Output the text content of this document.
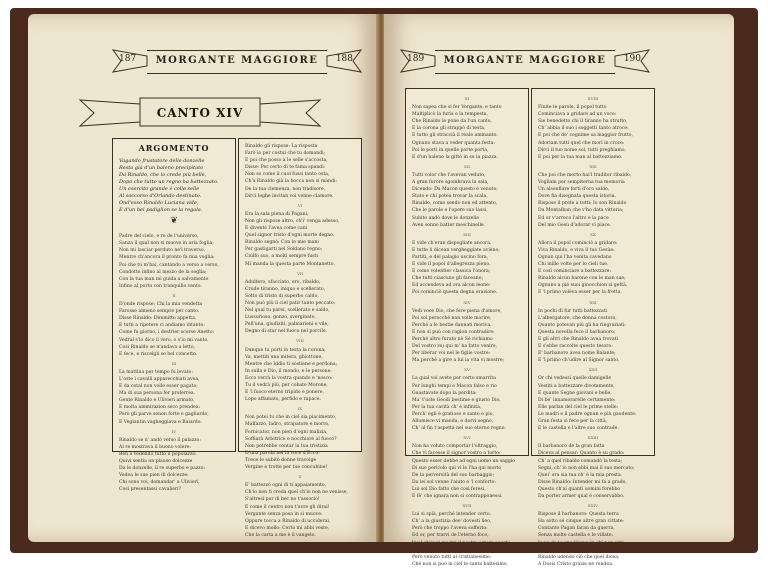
187	MORGANTE MAGGIORE	188
CANTO XIV
ARGOMENTO
Vagando frustatore delle donzelle
Resta già d'un baleno precipitato
Da Rinaldo, che lo crede più belle,
Dopo che tutto un regno ha battezzato.
Un esercito grande è colle selle
Al soccorso d'Orlando destinato.
Ond'esso Rinaldo Luciana vide,
E d'un bel padiglion se la regala.
❦
Padre del cielo, e re de l'universo,
Sanza il qual non si muove in aria foglia;
Non mi lasciar perduto ne'l traverso,
Mentre ch'ancora il pronto fa mia voglia:
Poi che tu m'hai, cantando a verso a verso,
Condotto infino al mezzo de la soglia;
Con la tua man mi guida a salvamento
Infino al porto con tranquillo vento.
II
D'onde rispose: Chi la mia vendetta
Farosse almeno sempre per canto.
Disse Rinaldo: Dimmitto appetta,
E tutti a ripetere ci andiamo intanto:
Come fu giorno, i destrier scorse Anetto:
Vedral s'io dico il vero, o s'io mi vanto.
Così Rinaldo se n'andava a letto,
E fece, e riscelgli se bel concetto.
III
La mattina per tempo fu levato:
L'oste i cavalli apparecchiati avea,
E da cotal non volle esser pagato;
Ma di sua persona fer proferrea.
Gente Rinaldo e Ulivieri armato,
E molta ammirazion seco prendea:
Però gli parve senon forte e gagliardo,
E Veglantin vagheggiava e Baiardo.
IV
Rinaldo se n' andò verso il palazzo:
Al re mostrava il buono volere:
Ben a vedendo tutto il popolazzo:
Quivi sentia un plauso dolcezze
Da le donzelle, il re superbo e pazzo:
Vedea le sue pien di dolcezze:
Chi sono voi, domandar' a Ulivieri,
Così presentassi cavalieri?
Rinaldo gli rispose: La risposta
Farò io per costui che tu domandi;
E poi che posso a le selle s'accosta,
Disse: Per certo di te fama spandi:
Non so come il cuol fussi tanto osta,
Ch'a Rinaldo già la bocca non si mandi:
De la tua clemenza, non tradisore,
Dirci leghe invitan voi venne clamore.
VI
Era la sala piena di Pagani;
Non gli rispose altro, ch'i' venga adesso,
E diventò l'avea come cani
Quel signor tristo d'ogni morte degno.
Rinaldo segnò: Con le mie mani
Per gastigarti nel Soldano regno;
Ciulfo suo, a molti sempre fusti
Mi manda la questa parte Montanetto.
VII
Adultero, sfacciato, ero, ribaldo,
Crude tiranno, iniquo e scellerato,
Sotto di tristo di superbo caldo,
Non può più il ciel patir tanto peccato:
Nel qual tu parei, scellerato e saldo,
Lussurioso, gonzo, sverginato,
Pell'una, giudiziti, palmarieni e vile,
Degno di star nel fuoco nel porcile.
VIII
Dunque tu porti in testa la corona;
Va, mettiti una mitera, ghiottone,
Mentre che Iddio ti sostiene e perdona;
In sulla e Dio, il mondo, e le persone:
Ecco verrà la vostra quando e 'nosco:
Tu il vedrà più, per cobate Morone,
E 'l fuoco eterno tripido e ponere,
Lopo affamato, perfido e rapace.
IX
Non potei tu che in ciel sia piacimento,
Malfazzo, ladro, strapatore e morro,
Fornicator, non pien d'ogni malizia,
Soffiarà Arbitrice e nocchiore al fuoco?
Non potrebbe contar la tua tristizia
D'una parola nel la voce d'Ecco:
Trece le subito donne travolge
Vergine e trotte per tue concubine!
X
E' battezzò ogni di ti appaiamento,
Ch'io non ti creda quel ch'io non ne venisse,
S'altresì por di bec no t'associo!
E come il centro non t'avre gli dirai!
Vergante senza posa in sì muove:
Oppure tocca a Rinaldo di ucciderai,
E dicevo mollo: Certo mi abbi veste,
Che la carta a me è il vangelo.
189	MORGANTE MAGGIORE	190
XI
Non sapea che si fer Vergante, e tanto
Maltiplicò la furia e la tempesta,
Che Rinaldo le pone da l'un canto,
E la corona gli strappò di testa,
E tutto gli straccià il reale ammanto:
Ognuno stava a veder quanta festa:
Poi le porti in quelle porte porta,
E d'un baleno la gittò in su la piazza.
XII
Tutti color che l'avevan veduto,
A gran furore sgombrava la sala,
Dicendo: Da Macon questo è venuto;
Stato e chi potea trovar la scala.
Rinaldo, come sendo non ed attento,
Che le parole e l'opere suo lassi,
Subito andò dove le donzelle
Aven sonno batter meschinelle.
XIII
E vide ch'eran dispogliate ancora,
E tutte li dicean vergheggiate avièno;
Partiti, e del palagio uscino fora,
E vide il popol d'allegrezza pieno,
E come volentier classica l'onora;
Che tutti ciascuno gli faceano;
Ed accendeva ad ora alcun leone:
Poi cominciò questa degna orazione.
XIV
Vedi voce Dio, che fere piena d'amore,
Poi sol perocché non volle morire,
Perchè a le bestie dannati moriva,
E non si può con ragion contradire:
Perché altro furato nè Sé richiamo
Del vostro re) qui m' ha fatto venire,
Per liberar voi nel le figlie vostre:
Ma perché a gire a lui ia vita vi mostre;
XV
La qual voi avete per certo smarrita
Per lunghi tempi e Macon falso e rio
Guastavate dopo la perdita:
Ma' t'uste Geodi bestime e giusto Dio,
Per la tua carità ch' è infinita,
Perch' egli è gratioso e santo e pio,
Allumisce vi manda, e dorvi segno,
Ch' al fin t'aspetta nel suo eterno regno.
XVI
Non ha voluto comportar l'oltraggio,
Che vi facesse il signor vostro a torto:
Questo esser debbe ad ogni uomo un saggio
Di suo pericolo qui vi le l'ha qui morto
De la perversità del suo barbaggio;
Da lei sol venne l'aiuto e 'l conforto:
Lui sol Dio fatto che così feresi,
E fè' che ignara non si contrapponessi.
XVII
Lui si spià, perché intender certo,
Ch' a la giustizia dee' dovesti lieo,
Però che troppo l'aveva sofferto:
Ed or, per trarvi de l'eterno foco,
Vuol ch'io vi mostri il nostro errore aperto,
Nel qual cristiani siete a poco a poco:
Però venuto tutti al cristianesimo:
Chè non si può in ciel le santa battesimo.
XVIII
Finite le parole, il popol tutto
Cominciava a gridare ad un voce:
Sie benedetto chi il tiranno ha strutto,
Ch' abbia il suo i soggetti tanto atroce:
E poi che de' cegnime sa maggior frutto,
Adoriam tutti quel che morì in croce:
Dirci il tuo nome sol, tutti preghiamo,
E poi per la tua man al battezziamo.
XIX
Che poi che morto hai'l traditor ribaldo,
Vogliam per sempiterna tua memoria
Un alsenflare forti d'oro saldo,
Dove fia disegnata questa istoria.
Rispose il prete a tutti: Io son Rinaldo
Da Montalban che v'ho data vittoria;
Ed or v'arreco l'altro e la pace
Del mio Gesù d'adorar vi piace.
XX
Allora il popol cominciò a gridare:
Viva Rinaldo, e viva il tuo Gesùe:
Ognun qui l'ha venita cavedano
Chi mille volte per lo cieli tue.
E così cominciare a battezzare:
Rinaldo alcun barone con le man sue;
Ognuno a pié suoi ginocchion si gettà,
E 'l primo volèva esser per la fretta.
XXI
In pochi dì fur tutti battezzati
L'albergatore, che donna costoro,
Quanto potevan più gli ha ringraziati:
Questa novella fece il barbanoro,
E gli altri che Rinaldo avea trovati
E s'ebbe raccolte questo tesoro:
E' barbanoro avea nome Balante;
E 'l primo ch'udire al Signor santo.
XXII
Or chi vedessi quelle damigelle
Vestiti a battezzare divotamente,
E quante Segne giovani e belle,
Di be' innamorarelle certamente:
Elle parlan del ciel le prime stelle:
Le madri e il padre ognun e più gaudente:
Gran festa si fece per la città,
E le castella e l'altre suo contrade.
XXIII
Il barbanoro de la gran fatta
Diceva al pensar: Quanto è su grado:
Ch' a quel ribaldo comandò la testa;
Segni, ch' io non ebbi mai il suo mercato;
Quei' ora sia tua ch' è la mia presta.
Disse Rinaldo: Intender mi fa a grado,
Questo ch'ai quanti uomini forebbo
Da porter armer qual è conservabbo.
XXIV
Rispose il barbanoro: Questa terra
Ha sotto sé cinque altre gran cittate:
Contanto Pagan faran da guerra,
Senza molte castella e le villate:
Io vo da te una lingua in chi non erra;
Ma tu potrai veder le schiere armate.
Rinaldo udendo ciò che quel dicea,
A Dosis Cristo grazie ne rendea.
